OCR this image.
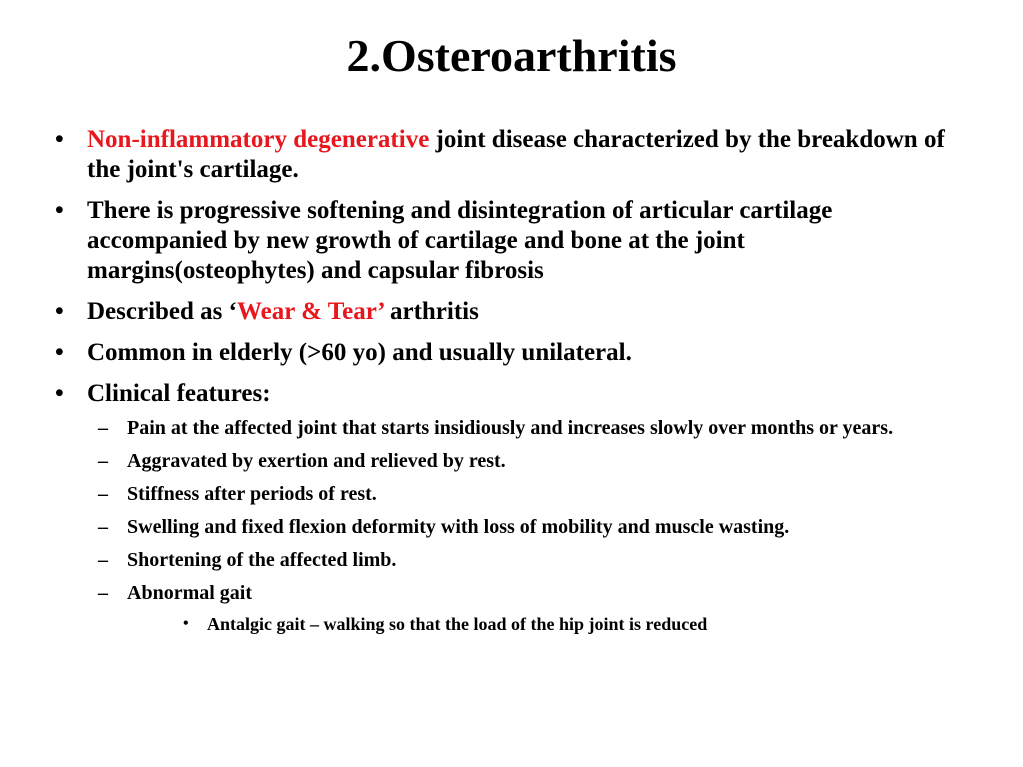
2.Osteroarthritis
• Non-inflammatory degenerative joint disease characterized by the breakdown of the joint's cartilage.
• There is progressive softening and disintegration of articular cartilage accompanied by new growth of cartilage and bone at the joint margins(osteophytes) and capsular fibrosis
• Described as ‘Wear & Tear’ arthritis
• Common in elderly (>60 yo) and usually unilateral.
• Clinical features:
– Pain at the affected joint that starts insidiously and increases slowly over months or years.
– Aggravated by exertion and relieved by rest.
– Stiffness after periods of rest.
– Swelling and fixed flexion deformity with loss of mobility and muscle wasting.
– Shortening of the affected limb.
– Abnormal gait
•	Antalgic gait – walking so that the load of the hip joint is reduced
